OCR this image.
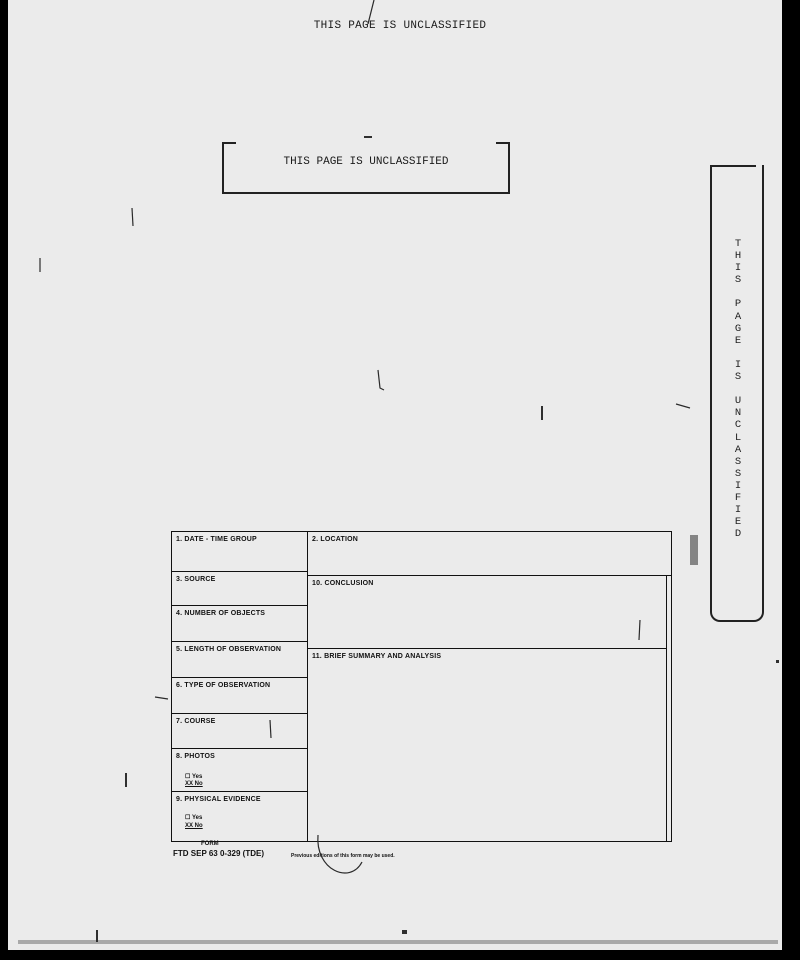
THIS PAGE IS UNCLASSIFIED
THIS PAGE IS UNCLASSIFIED
T
H
I
S

P
A
G
E

I
S

U
N
C
L
A
S
S
I
F
I
E
D
1. DATE - TIME GROUP	2. LOCATION
3. SOURCE
10. CONCLUSION
4. NUMBER OF OBJECTS
5. LENGTH OF OBSERVATION
11. BRIEF SUMMARY AND ANALYSIS
6. TYPE OF OBSERVATION
7. COURSE
8. PHOTOS
☐ Yes
XX No
9. PHYSICAL EVIDENCE
☐ Yes
XX No
FORM
FTD SEP 63 0-329 (TDE)	Previous editions of this form may be used.
